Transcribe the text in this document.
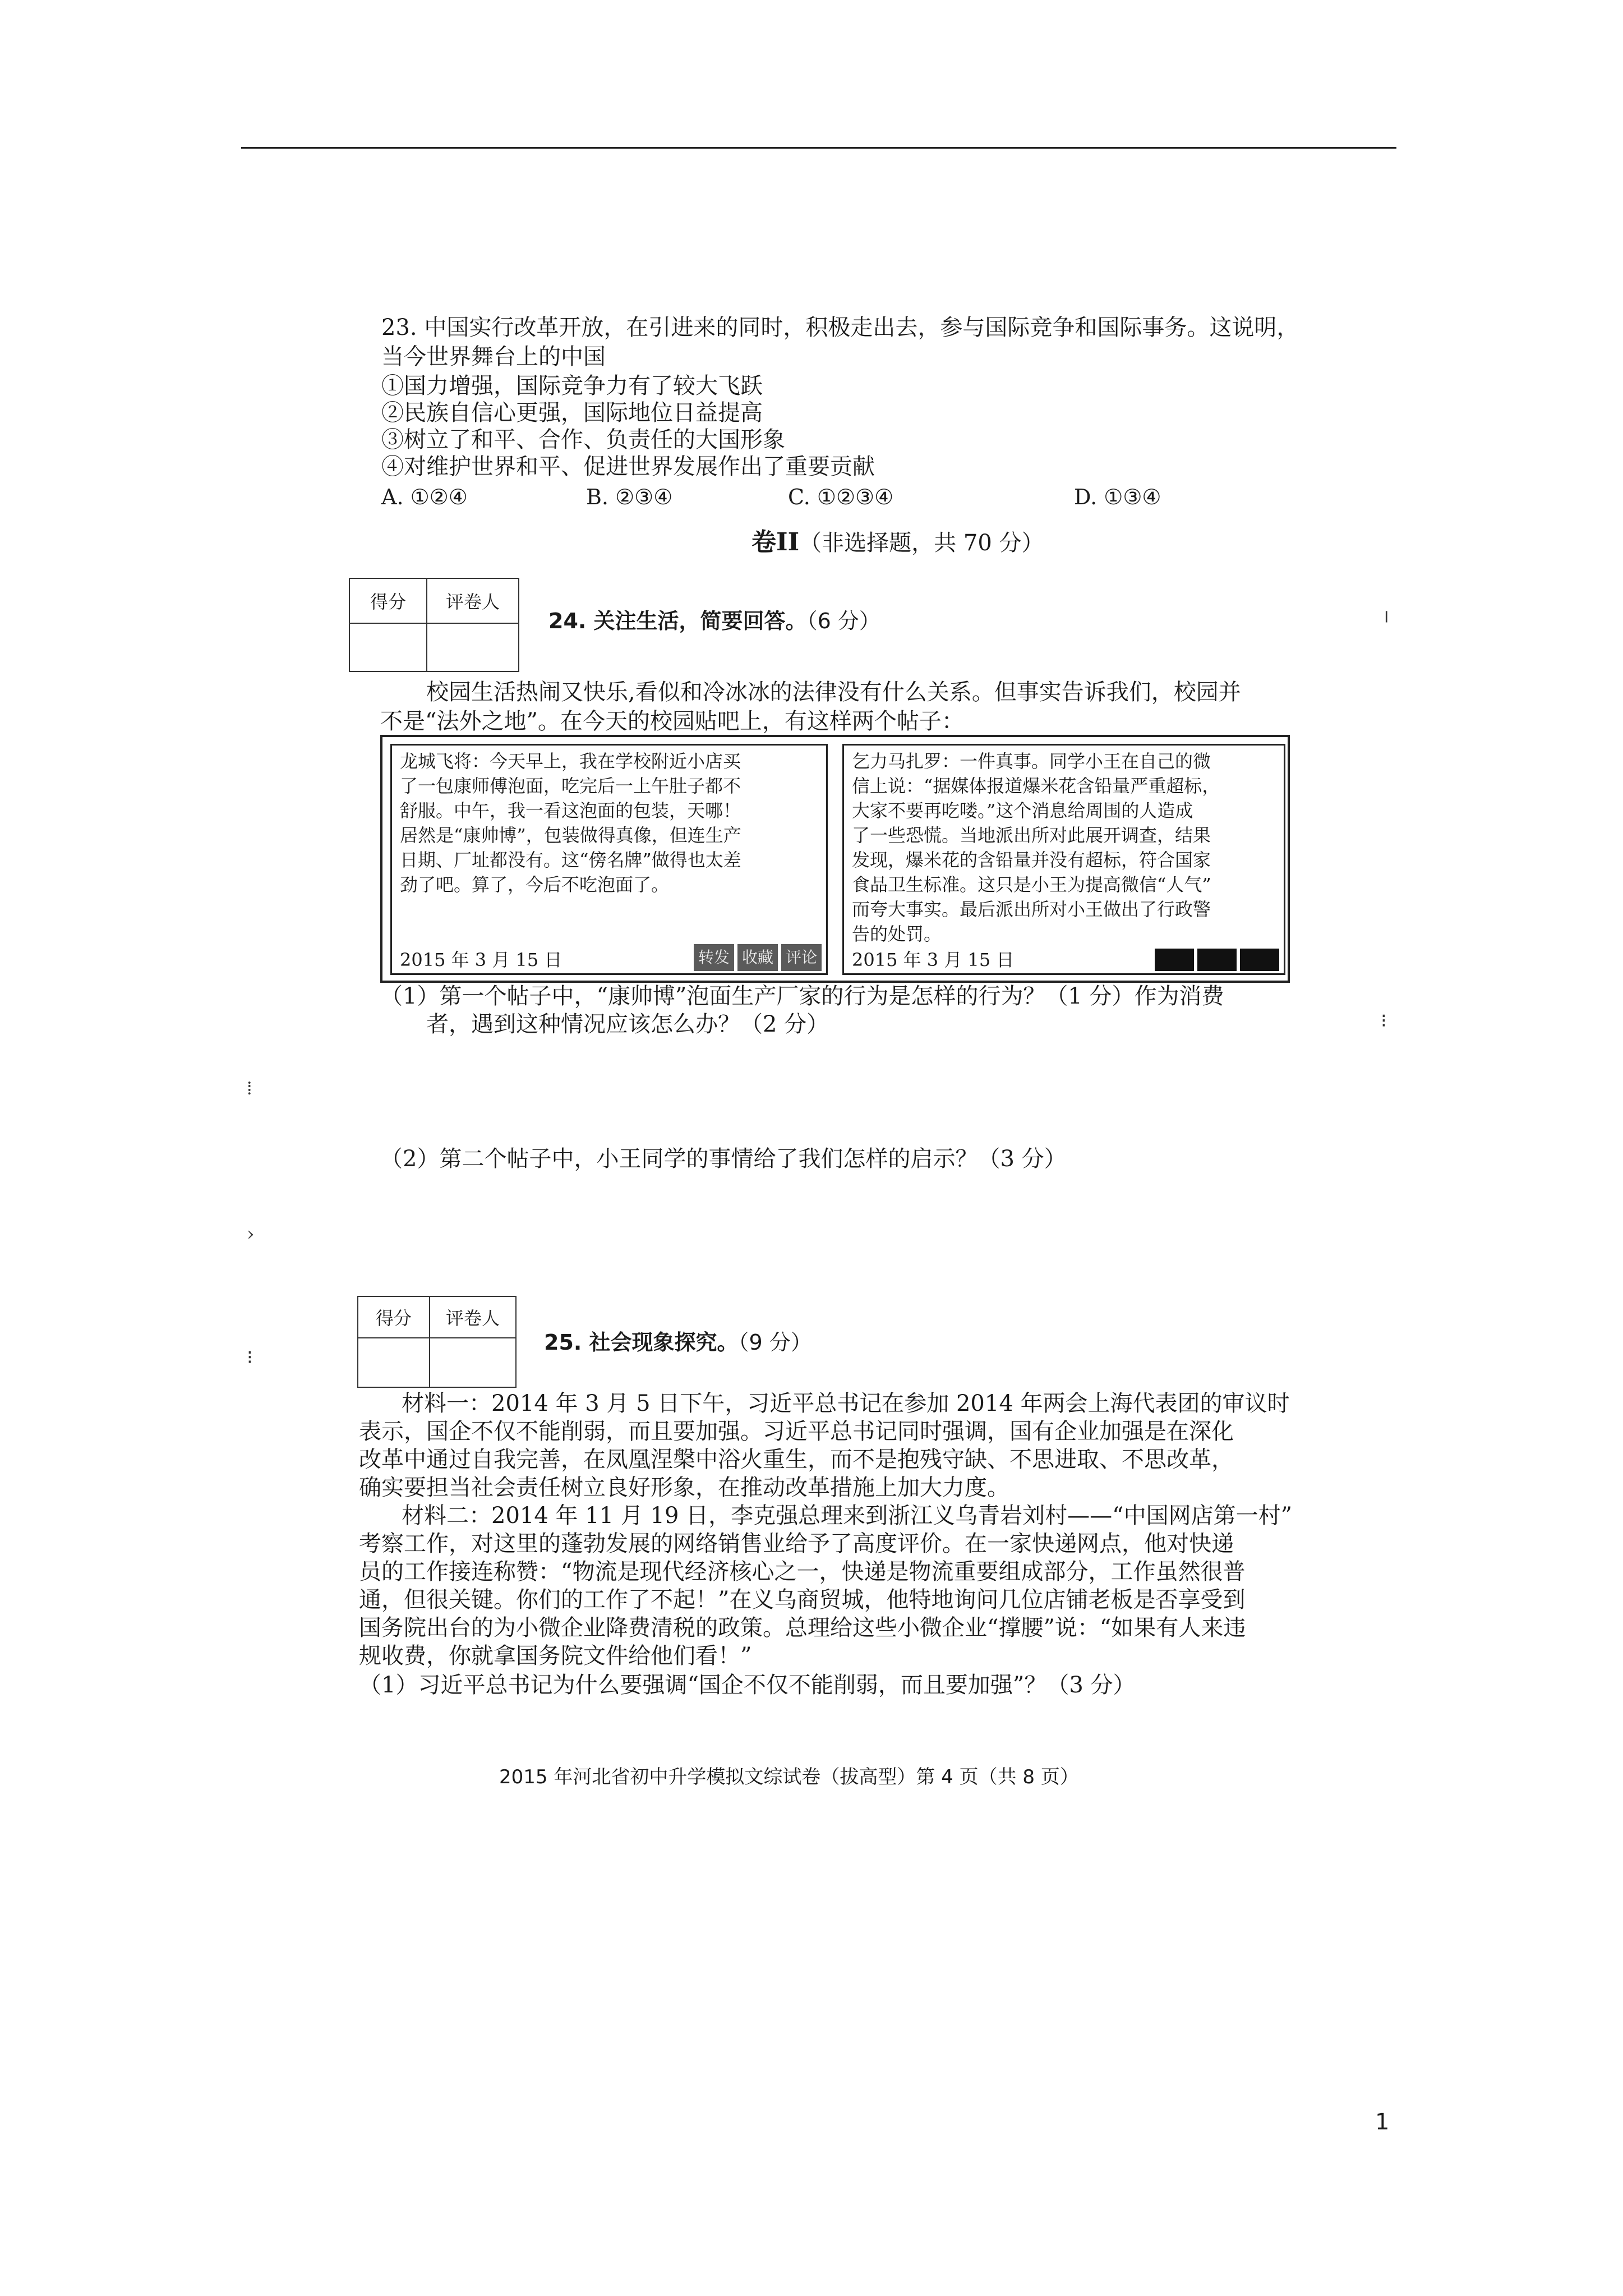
23. 中国实行改革开放，在引进来的同时，积极走出去，参与国际竞争和国际事务。这说明，
当今世界舞台上的中国
①国力增强，国际竞争力有了较大飞跃
②民族自信心更强，国际地位日益提高
③树立了和平、合作、负责任的大国形象
④对维护世界和平、促进世界发展作出了重要贡献
A. ①②④	B. ②③④	C. ①②③④	D. ①③④
卷II（非选择题，共 70 分）
得分	评卷人

24. 关注生活，简要回答。（6 分）
校园生活热闹又快乐,看似和冷冰冰的法律没有什么关系。但事实告诉我们，校园并
不是“法外之地”。在今天的校园贴吧上，有这样两个帖子：

龙城飞将：今天早上，我在学校附近小店买

了一包康师傅泡面，吃完后一上午肚子都不

舒服。中午，我一看这泡面的包装，天哪！

居然是“康帅博”，包装做得真像，但连生产

日期、厂址都没有。这“傍名牌”做得也太差

劲了吧。算了，今后不吃泡面了。

2015 年 3 月 15 日	转发 收藏 评论

乞力马扎罗：一件真事。同学小王在自己的微

信上说：“据媒体报道爆米花含铅量严重超标，

大家不要再吃喽。”这个消息给周围的人造成

了一些恐慌。当地派出所对此展开调查，结果

发现，爆米花的含铅量并没有超标，符合国家

食品卫生标准。这只是小王为提高微信“人气”

而夸大事实。最后派出所对小王做出了行政警

告的处罚。

2015 年 3 月 15 日
（1）第一个帖子中，“康帅博”泡面生产厂家的行为是怎样的行为？（1 分）作为消费
者，遇到这种情况应该怎么办？（2 分）
（2）第二个帖子中，小王同学的事情给了我们怎样的启示？（3 分）
得分	评卷人

25. 社会现象探究。（9 分）
材料一：2014 年 3 月 5 日下午，习近平总书记在参加 2014 年两会上海代表团的审议时
表示，国企不仅不能削弱，而且要加强。习近平总书记同时强调，国有企业加强是在深化
改革中通过自我完善，在凤凰涅槃中浴火重生，而不是抱残守缺、不思进取、不思改革，
确实要担当社会责任树立良好形象，在推动改革措施上加大力度。
材料二：2014 年 11 月 19 日，李克强总理来到浙江义乌青岩刘村——“中国网店第一村”
考察工作，对这里的蓬勃发展的网络销售业给予了高度评价。在一家快递网点，他对快递
员的工作接连称赞：“物流是现代经济核心之一，快递是物流重要组成部分，工作虽然很普
通，但很关键。你们的工作了不起！”在义乌商贸城，他特地询问几位店铺老板是否享受到
国务院出台的为小微企业降费清税的政策。总理给这些小微企业“撑腰”说：“如果有人来违
规收费，你就拿国务院文件给他们看！”
（1）习近平总书记为什么要强调“国企不仅不能削弱，而且要加强”？（3 分）
2015 年河北省初中升学模拟文综试卷（拔高型）第 4 页（共 8 页）
1
╷
⁝
⁞
›
⁝
